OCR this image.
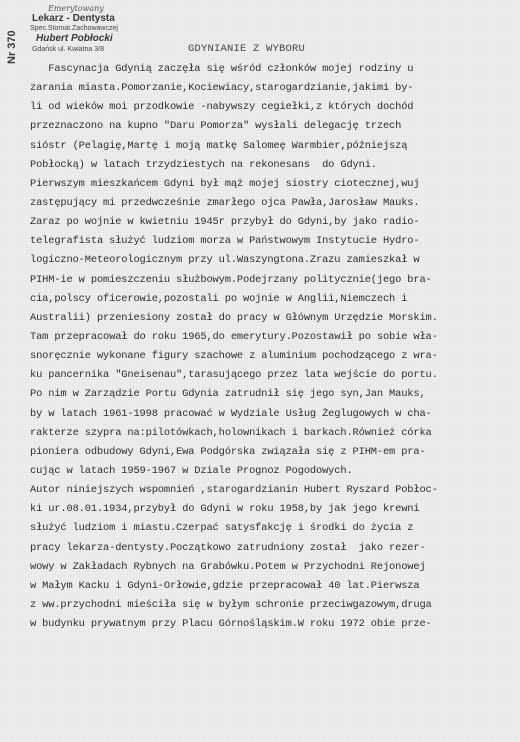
Nr 370
Emerytowany
Lekarz - Dentysta
Spec.Stomat.Zachowawczej
Hubert Pobłocki
Gdańsk ul. Kwiatna 3/8	GDYNIANIE Z WYBORU
Fascynacja Gdynią zaczęła się wśród członków mojej rodziny u
zarania miasta.Pomorzanie,Kociewiacy,starogardzianie,jakimi by-
li od wieków moi przodkowie -nabywszy cegiełki,z których dochód
przeznaczono na kupno "Daru Pomorza" wysłali delegację trzech
sióstr (Pelagię,Martę i moją matkę Salomeę Warmbier,późniejszą
Pobłocką) w latach trzydziestych na rekonesans  do Gdyni.
Pierwszym mieszkańcem Gdyni był mąż mojej siostry ciotecznej,wuj
zastępujący mi przedwcześnie zmarłego ojca Pawła,Jarosław Mauks.
Zaraz po wojnie w kwietniu 1945r przybył do Gdyni,by jako radio-
telegrafista służyć ludziom morza w Państwowym Instytucie Hydro-
logiczno-Meteorologicznym przy ul.Waszyngtona.Zrazu zamieszkał w
PIHM-ie w pomieszczeniu służbowym.Podejrzany politycznie(jego bra-
cia,polscy oficerowie,pozostali po wojnie w Anglii,Niemczech i
Australii) przeniesiony został do pracy w Głównym Urzędzie Morskim.
Tam przepracował do roku 1965,do emerytury.Pozostawił po sobie wła-
snoręcznie wykonane figury szachowe z aluminium pochodzącego z wra-
ku pancernika "Gneisenau",tarasującego przez lata wejście do portu.
Po nim w Zarządzie Portu Gdynia zatrudnił się jego syn,Jan Mauks,
by w latach 1961-1998 pracować w Wydziale Usług Żeglugowych w cha-
rakterze szypra na:pilotówkach,holownikach i barkach.Również córka
pioniera odbudowy Gdyni,Ewa Podgórska związała się z PIHM-em pra-
cując w latach 1959-1967 w Dziale Prognoz Pogodowych.
Autor niniejszych wspomnień ,starogardzianin Hubert Ryszard Pobłoc-
ki ur.08.01.1934,przybył do Gdyni w roku 1958,by jak jego krewni
służyć ludziom i miastu.Czerpać satysfakcję i środki do życia z
pracy lekarza-dentysty.Początkowo zatrudniony został  jako rezer-
wowy w Zakładach Rybnych na Grabówku.Potem w Przychodni Rejonowej
w Małym Kacku i Gdyni-Orłowie,gdzie przepracował 40 lat.Pierwsza
z ww.przychodni mieściła się w byłym schronie przeciwgazowym,druga
w budynku prywatnym przy Placu Górnośląskim.W roku 1972 obie prze-
